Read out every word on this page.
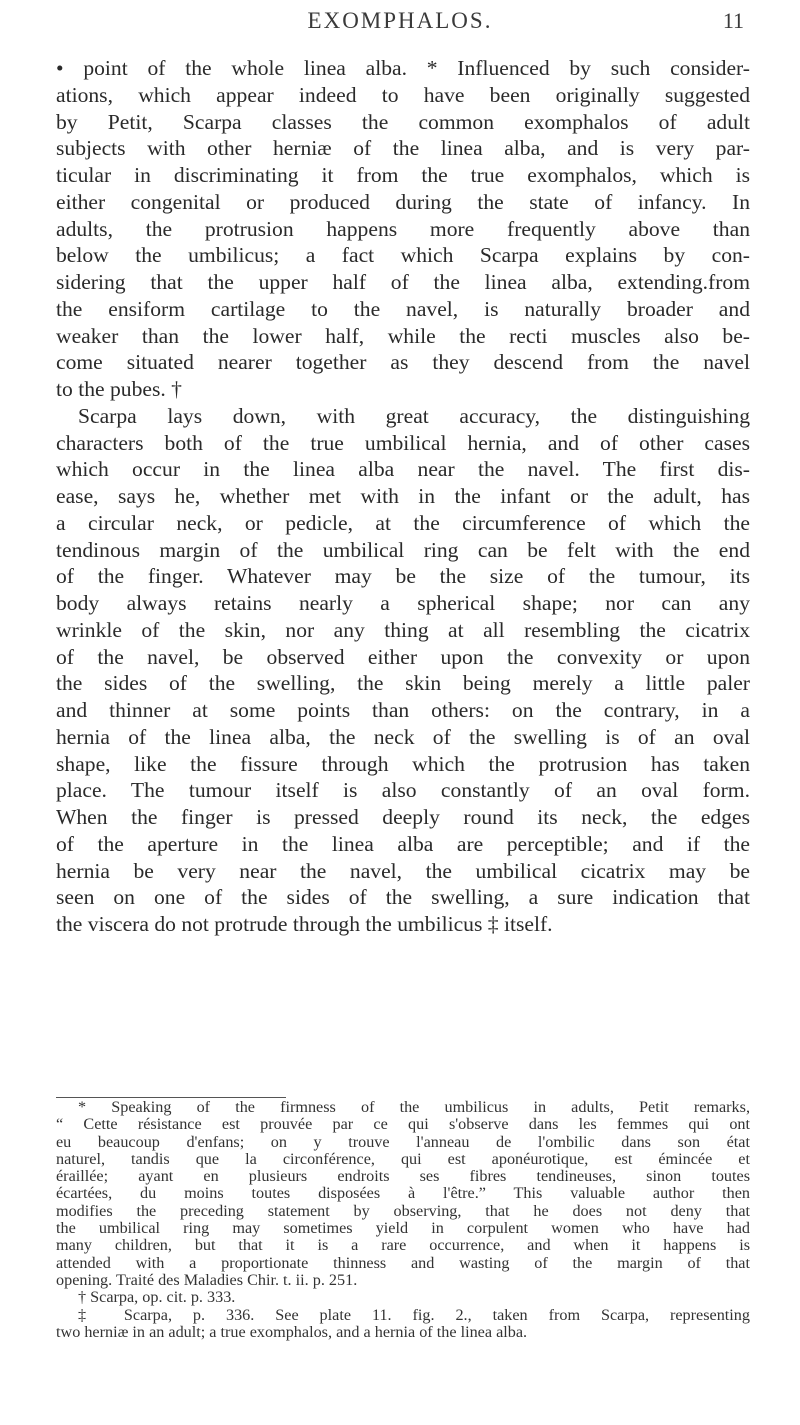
EXOMPHALOS.	11
• point of the whole linea alba. * Influenced by such consider-
ations, which appear indeed to have been originally suggested
by Petit, Scarpa classes the common exomphalos of adult
subjects with other herniæ of the linea alba, and is very par-
ticular in discriminating it from the true exomphalos, which is
either congenital or produced during the state of infancy. In
adults, the protrusion happens more frequently above than
below the umbilicus; a fact which Scarpa explains by con-
sidering that the upper half of the linea alba, extending.from
the ensiform cartilage to the navel, is naturally broader and
weaker than the lower half, while the recti muscles also be-
come situated nearer together as they descend from the navel
to the pubes. †
Scarpa lays down, with great accuracy, the distinguishing
characters both of the true umbilical hernia, and of other cases
which occur in the linea alba near the navel. The first dis-
ease, says he, whether met with in the infant or the adult, has
a circular neck, or pedicle, at the circumference of which the
tendinous margin of the umbilical ring can be felt with the end
of the finger. Whatever may be the size of the tumour, its
body always retains nearly a spherical shape; nor can any
wrinkle of the skin, nor any thing at all resembling the cicatrix
of the navel, be observed either upon the convexity or upon
the sides of the swelling, the skin being merely a little paler
and thinner at some points than others: on the contrary, in a
hernia of the linea alba, the neck of the swelling is of an oval
shape, like the fissure through which the protrusion has taken
place. The tumour itself is also constantly of an oval form.
When the finger is pressed deeply round its neck, the edges
of the aperture in the linea alba are perceptible; and if the
hernia be very near the navel, the umbilical cicatrix may be
seen on one of the sides of the swelling, a sure indication that
the viscera do not protrude through the umbilicus ‡ itself.
* Speaking of the firmness of the umbilicus in adults, Petit remarks,
“ Cette résistance est prouvée par ce qui s'observe dans les femmes qui ont
eu beaucoup d'enfans; on y trouve l'anneau de l'ombilic dans son état
naturel, tandis que la circonférence, qui est aponéurotique, est émincée et
éraillée; ayant en plusieurs endroits ses fibres tendineuses, sinon toutes
écartées, du moins toutes disposées à l'être.” This valuable author then
modifies the preceding statement by observing, that he does not deny that
the umbilical ring may sometimes yield in corpulent women who have had
many children, but that it is a rare occurrence, and when it happens is
attended with a proportionate thinness and wasting of the margin of that
opening. Traité des Maladies Chir. t. ii. p. 251.
† Scarpa, op. cit. p. 333.
‡ Scarpa, p. 336. See plate 11. fig. 2., taken from Scarpa, representing
two herniæ in an adult; a true exomphalos, and a hernia of the linea alba.
